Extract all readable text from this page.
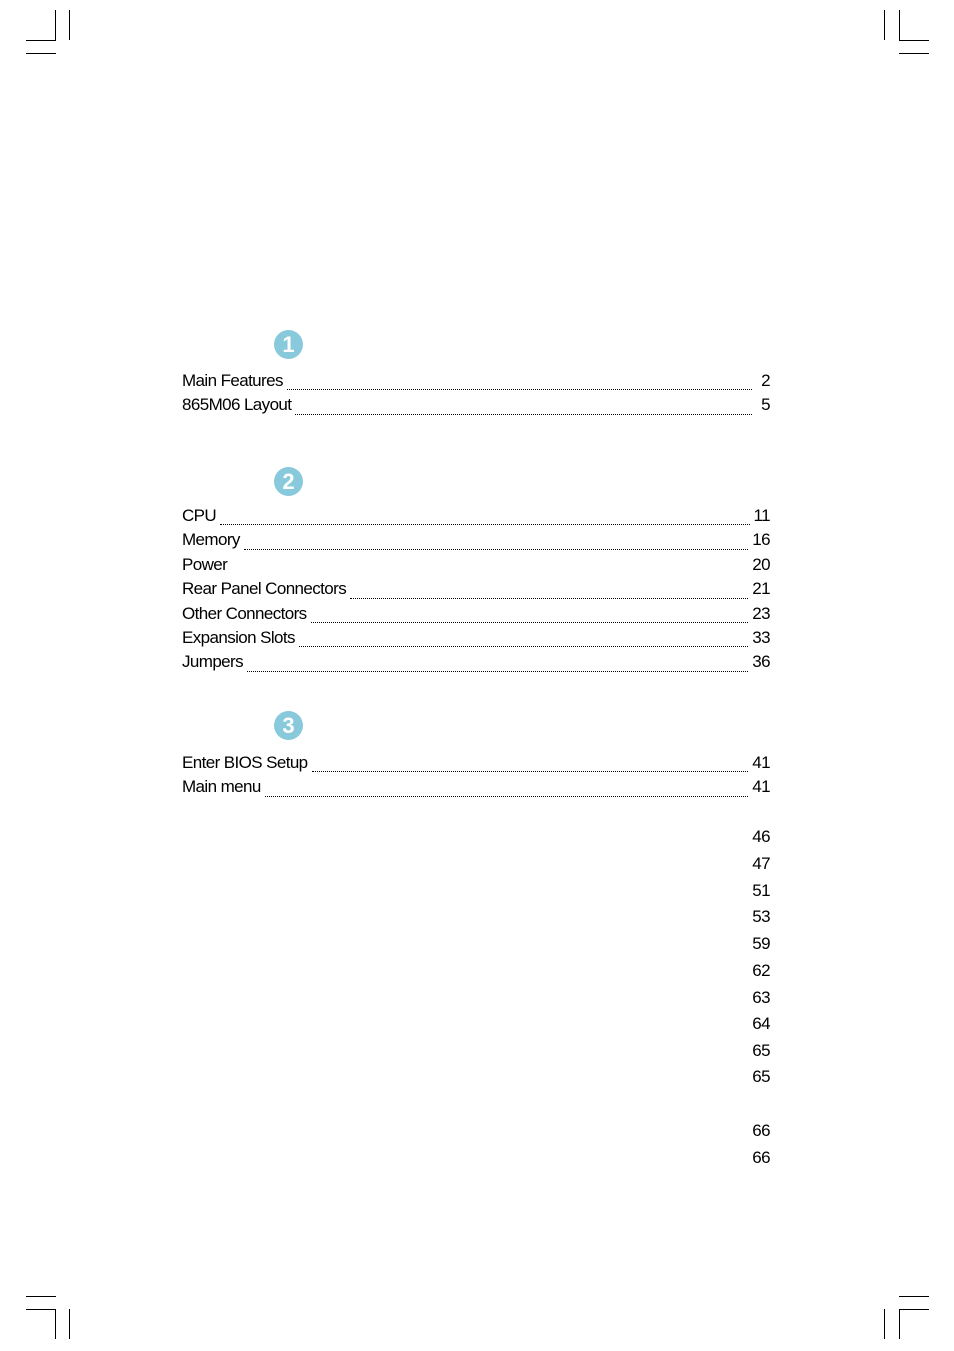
1
Main Features	2
865M06 Layout	5
2
CPU	11
Memory	16
Power	20
Rear Panel Connectors	21
Other Connectors	23
Expansion Slots	33
Jumpers	36
3
Enter BIOS Setup	41
Main menu	41
46
47
51
53
59
62
63
64
65
65
66
66
